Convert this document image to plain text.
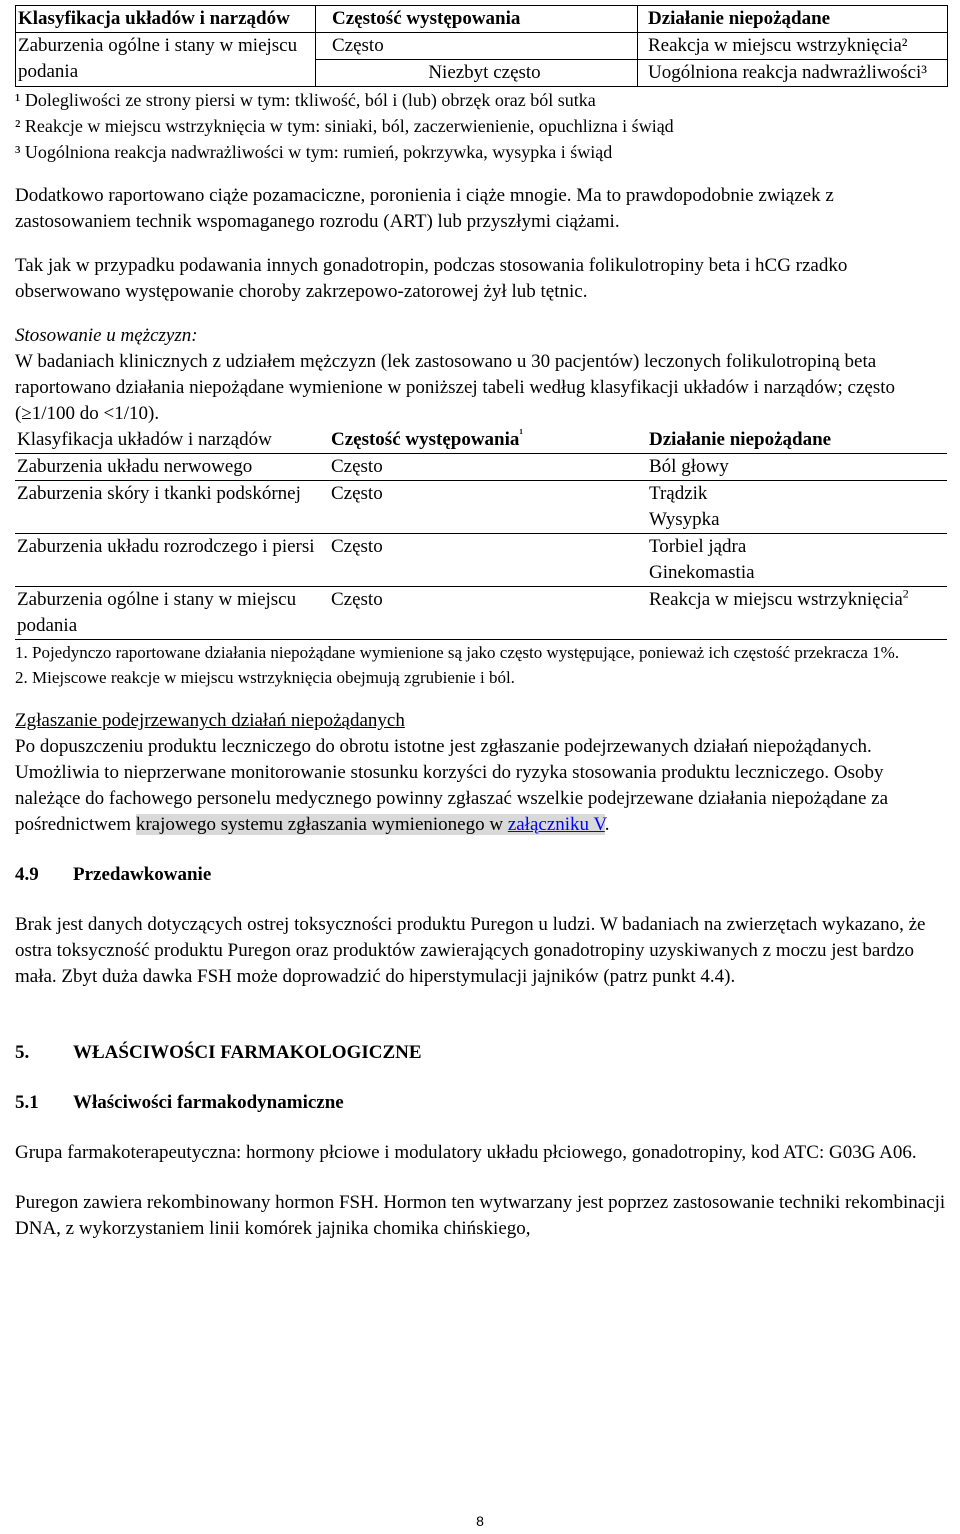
Klasyfikacja układów i narządów	Częstość występowania	Działanie niepożądane
Zaburzenia ogólne i stany w miejscu podania	Często	Reakcja w miejscu wstrzyknięcia²
	Niezbyt często	Uogólniona reakcja nadwrażliwości³

¹ Dolegliwości ze strony piersi w tym: tkliwość, ból i (lub) obrzęk oraz ból sutka

² Reakcje w miejscu wstrzyknięcia w tym: siniaki, ból, zaczerwienienie, opuchlizna i świąd

³ Uogólniona reakcja nadwrażliwości w tym: rumień, pokrzywka, wysypka i świąd

Dodatkowo raportowano ciąże pozamaciczne, poronienia i ciąże mnogie. Ma to prawdopodobnie związek z zastosowaniem technik wspomaganego rozrodu (ART) lub przyszłymi ciążami.

Tak jak w przypadku podawania innych gonadotropin, podczas stosowania folikulotropiny beta i hCG rzadko obserwowano występowanie choroby zakrzepowo-zatorowej żył lub tętnic.

Stosowanie u mężczyzn:

W badaniach klinicznych z udziałem mężczyzn (lek zastosowano u 30 pacjentów) leczonych folikulotropiną beta raportowano działania niepożądane wymienione w poniższej tabeli według klasyfikacji układów i narządów; często (≥1/100 do <1/10).

Klasyfikacja układów i narządów	Częstość występowania$^{^1}$	Działanie niepożądane
Zaburzenia układu nerwowego	Często	Ból głowy
Zaburzenia skóry i tkanki podskórnej	Często	Trądzik
Wysypka

Zaburzenia układu rozrodczego i piersi	Często	Torbiel jądra
Ginekomastia

Zaburzenia ogólne i stany w miejscu podania	Często	Reakcja w miejscu wstrzyknięcia$^2$

1. Pojedynczo raportowane działania niepożądane wymienione są jako często występujące, ponieważ ich częstość przekracza 1%.

2. Miejscowe reakcje w miejscu wstrzyknięcia obejmują zgrubienie i ból.

Zgłaszanie podejrzewanych działań niepożądanych

Po dopuszczeniu produktu leczniczego do obrotu istotne jest zgłaszanie podejrzewanych działań niepożądanych. Umożliwia to nieprzerwane monitorowanie stosunku korzyści do ryzyka stosowania produktu leczniczego. Osoby należące do fachowego personelu medycznego powinny zgłaszać wszelkie podejrzewane działania niepożądane za pośrednictwem krajowego systemu zgłaszania wymienionego w załączniku V.

4.9 Przedawkowanie

Brak jest danych dotyczących ostrej toksyczności produktu Puregon u ludzi. W badaniach na zwierzętach wykazano, że ostra toksyczność produktu Puregon oraz produktów zawierających gonadotropiny uzyskiwanych z moczu jest bardzo mała. Zbyt duża dawka FSH może doprowadzić do hiperstymulacji jajników (patrz punkt 4.4).

5. WŁAŚCIWOŚCI FARMAKOLOGICZNE

5.1 Właściwości farmakodynamiczne

Grupa farmakoterapeutyczna: hormony płciowe i modulatory układu płciowego, gonadotropiny, kod ATC: G03G A06.

Puregon zawiera rekombinowany hormon FSH. Hormon ten wytwarzany jest poprzez zastosowanie techniki rekombinacji DNA, z wykorzystaniem linii komórek jajnika chomika chińskiego,

8
